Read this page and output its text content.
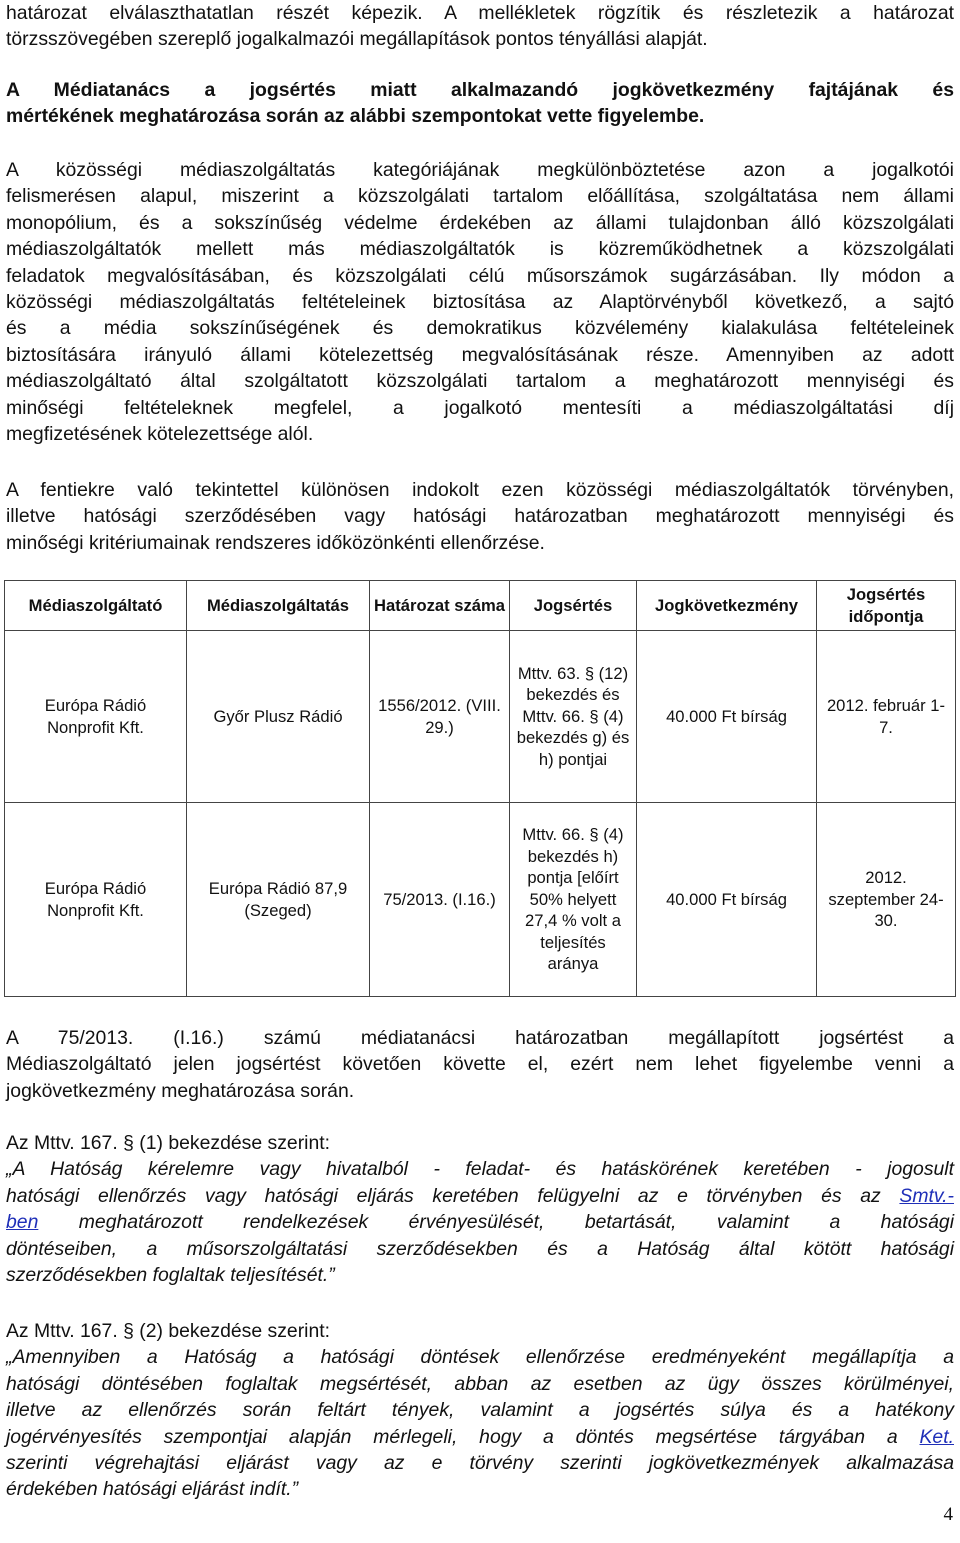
határozat elválaszthatatlan részét képezik. A mellékletek rögzítik és részletezik a határozat

törzsszövegében szereplő jogalkalmazói megállapítások pontos tényállási alapját.

A Médiatanács a jogsértés miatt alkalmazandó jogkövetkezmény fajtájának és

mértékének meghatározása során az alábbi szempontokat vette figyelembe.

A közösségi médiaszolgáltatás kategóriájának megkülönböztetése azon a jogalkotói

felismerésen alapul, miszerint a közszolgálati tartalom előállítása, szolgáltatása nem állami

monopólium, és a sokszínűség védelme érdekében az állami tulajdonban álló közszolgálati

médiaszolgáltatók mellett más médiaszolgáltatók is közreműködhetnek a közszolgálati

feladatok megvalósításában, és közszolgálati célú műsorszámok sugárzásában. Ily módon a

közösségi médiaszolgáltatás feltételeinek biztosítása az Alaptörvényből következő, a sajtó

és a média sokszínűségének és demokratikus közvélemény kialakulása feltételeinek

biztosítására irányuló állami kötelezettség megvalósításának része. Amennyiben az adott

médiaszolgáltató által szolgáltatott közszolgálati tartalom a meghatározott mennyiségi és

minőségi feltételeknek megfelel, a jogalkotó mentesíti a médiaszolgáltatási díj

megfizetésének kötelezettsége alól.

A fentiekre való tekintettel különösen indokolt ezen közösségi médiaszolgáltatók törvényben,

illetve hatósági szerződésében vagy hatósági határozatban meghatározott mennyiségi és

minőségi kritériumainak rendszeres időközönkénti ellenőrzése.

A 75/2013. (I.16.) számú médiatanácsi határozatban megállapított jogsértést a

Médiaszolgáltató jelen jogsértést követően követte el, ezért nem lehet figyelembe venni a

jogkövetkezmény meghatározása során.

Az Mttv. 167. § (1) bekezdése szerint:

„A Hatóság kérelemre vagy hivatalból - feladat- és hatáskörének keretében - jogosult

hatósági ellenőrzés vagy hatósági eljárás keretében felügyelni az e törvényben és az Smtv.-

ben meghatározott rendelkezések érvényesülését, betartását, valamint a hatósági

döntéseiben, a műsorszolgáltatási szerződésekben és a Hatóság által kötött hatósági

szerződésekben foglaltak teljesítését.”

Az Mttv. 167. § (2) bekezdése szerint:

„Amennyiben a Hatóság a hatósági döntések ellenőrzése eredményeként megállapítja a

hatósági döntésében foglaltak megsértését, abban az esetben az ügy összes körülményei,

illetve az ellenőrzés során feltárt tények, valamint a jogsértés súlya és a hatékony

jogérvényesítés szempontjai alapján mérlegeli, hogy a döntés megsértése tárgyában a Ket.

szerinti végrehajtási eljárást vagy az e törvény szerinti jogkövetkezmények alkalmazása

érdekében hatósági eljárást indít.”

Médiaszolgáltató	Médiaszolgáltatás	Határozat száma	Jogsértés	Jogkövetkezmény	Jogsértés időpontja
Európa Rádió Nonprofit Kft.	Győr Plusz Rádió	1556/2012. (VIII. 29.)	Mttv. 63. § (12) bekezdés és Mttv. 66. § (4) bekezdés g) és h) pontjai	40.000 Ft bírság	2012. február 1-7.
Európa Rádió Nonprofit Kft.	Európa Rádió 87,9 (Szeged)	75/2013. (I.16.)	Mttv. 66. § (4) bekezdés h) pontja [előírt 50% helyett 27,4 % volt a teljesítés aránya	40.000 Ft bírság	2012. szeptember 24-30.
4
